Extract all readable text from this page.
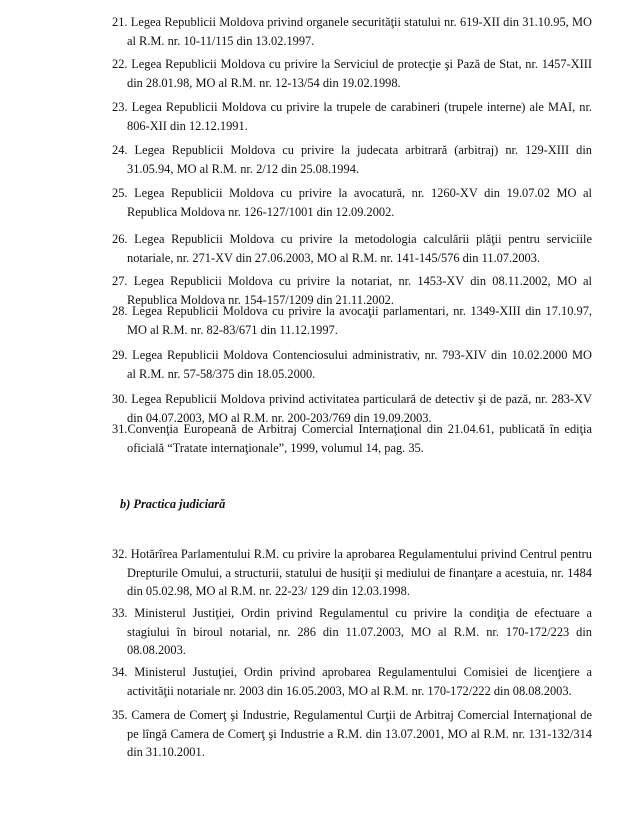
21. Legea Republicii Moldova privind organele securităţii statului nr. 619-XII din 31.10.95, MO
al R.M. nr. 10-11/115 din 13.02.1997.
22. Legea Republicii Moldova cu privire la Serviciul de protecţie şi Pază de Stat, nr. 1457-XIII
din 28.01.98, MO al R.M. nr. 12-13/54 din 19.02.1998.
23. Legea Republicii Moldova cu privire la trupele de carabineri (trupele interne) ale MAI, nr.
806-XII din 12.12.1991.
24. Legea Republicii Moldova cu privire la judecata arbitrară (arbitraj) nr. 129-XIII din
31.05.94, MO al R.M. nr. 2/12 din 25.08.1994.
25. Legea Republicii Moldova cu privire la avocatură, nr. 1260-XV din 19.07.02 MO al
Republica Moldova nr. 126-127/1001 din 12.09.2002.
26. Legea Republicii Moldova cu privire la metodologia calculării plăţii pentru serviciile
notariale, nr. 271-XV din 27.06.2003, MO al R.M. nr. 141-145/576 din 11.07.2003.
27. Legea Republicii Moldova cu privire la notariat, nr. 1453-XV din 08.11.2002, MO al
Republica Moldova nr. 154-157/1209 din 21.11.2002.
28. Legea Republicii Moldova cu privire la avocaţii parlamentari, nr. 1349-XIII din 17.10.97,
MO al R.M. nr. 82-83/671 din 11.12.1997.
29. Legea Republicii Moldova Contenciosului administrativ, nr. 793-XIV din 10.02.2000 MO
al R.M. nr. 57-58/375 din 18.05.2000.
30. Legea Republicii Moldova privind activitatea particulară de detectiv şi de pază, nr. 283-XV
din 04.07.2003, MO al R.M. nr. 200-203/769 din 19.09.2003.
31.Convenţia Europeană de Arbitraj Comercial Internaţional din 21.04.61, publicată în ediţia
oficială “Tratate internaţionale”, 1999, volumul 14, pag. 35.
b) Practica judiciară
32. Hotărîrea Parlamentului R.M. cu privire la aprobarea Regulamentului privind Centrul pentru
Drepturile Omului, a structurii, statului de husiţii şi mediului de finanţare a acestuia, nr. 1484
din 05.02.98, MO al R.M. nr. 22-23/ 129 din 12.03.1998.
33. Ministerul Justiţiei, Ordin privind Regulamentul cu privire la condiţia de efectuare a
stagiului în biroul notarial, nr. 286 din 11.07.2003, MO al R.M. nr. 170-172/223 din
08.08.2003.
34. Ministerul Justuţiei, Ordin privind aprobarea Regulamentului Comisiei de licenţiere a
activităţii notariale nr. 2003 din 16.05.2003, MO al R.M. nr. 170-172/222 din 08.08.2003.
35. Camera de Comerţ şi Industrie, Regulamentul Curţii de Arbitraj Comercial Internaţional de
pe lîngă Camera de Comerţ şi Industrie a R.M. din 13.07.2001, MO al R.M. nr. 131-132/314
din 31.10.2001.
